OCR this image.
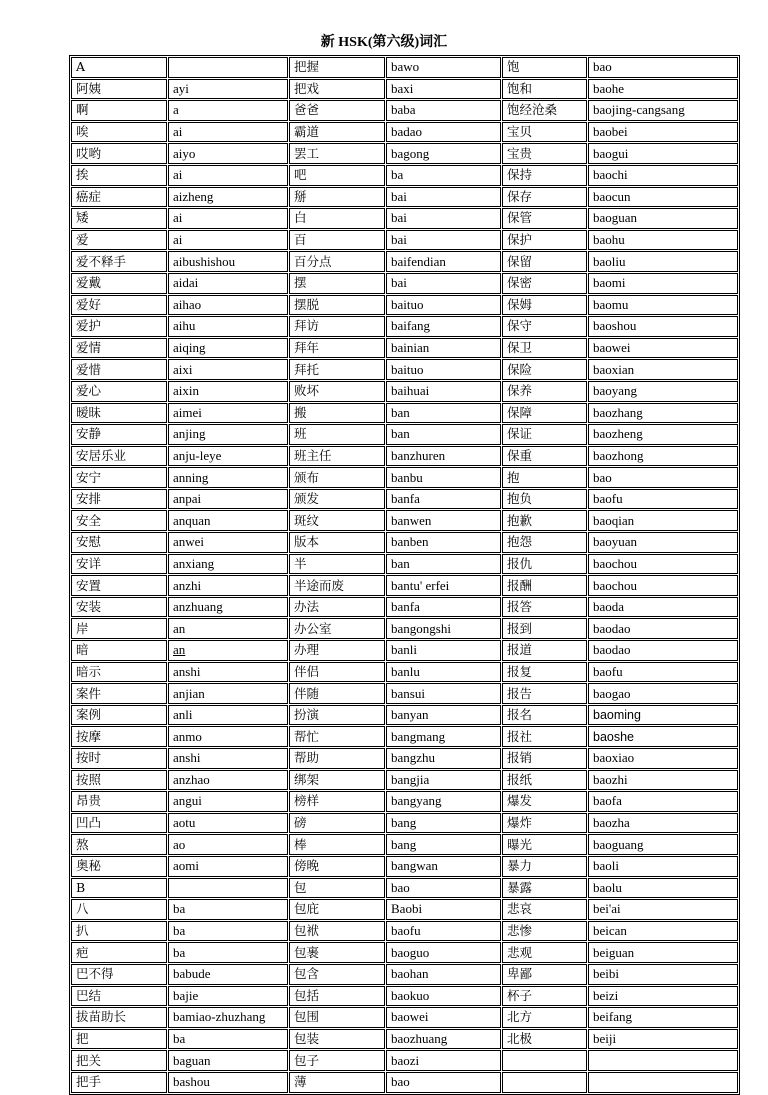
新 HSK(第六级)词汇
A		把握	bawo	饱	bao
阿姨	ayi	把戏	baxi	饱和	baohe
啊	a	爸爸	baba	饱经沧桑	baojing-cangsang
唉	ai	霸道	badao	宝贝	baobei
哎哟	aiyo	罢工	bagong	宝贵	baogui
挨	ai	吧	ba	保持	baochi
癌症	aizheng	掰	bai	保存	baocun
矮	ai	白	bai	保管	baoguan
爱	ai	百	bai	保护	baohu
爱不释手	aibushishou	百分点	baifendian	保留	baoliu
爱戴	aidai	摆	bai	保密	baomi
爱好	aihao	摆脱	baituo	保姆	baomu
爱护	aihu	拜访	baifang	保守	baoshou
爱情	aiqing	拜年	bainian	保卫	baowei
爱惜	aixi	拜托	baituo	保险	baoxian
爱心	aixin	败坏	baihuai	保养	baoyang
暧昧	aimei	搬	ban	保障	baozhang
安静	anjing	班	ban	保证	baozheng
安居乐业	anju-leye	班主任	banzhuren	保重	baozhong
安宁	anning	颁布	banbu	抱	bao
安排	anpai	颁发	banfa	抱负	baofu
安全	anquan	斑纹	banwen	抱歉	baoqian
安慰	anwei	版本	banben	抱怨	baoyuan
安详	anxiang	半	ban	报仇	baochou
安置	anzhi	半途而废	bantu' erfei	报酬	baochou
安装	anzhuang	办法	banfa	报答	baoda
岸	an	办公室	bangongshi	报到	baodao
暗	an	办理	banli	报道	baodao
暗示	anshi	伴侣	banlu	报复	baofu
案件	anjian	伴随	bansui	报告	baogao
案例	anli	扮演	banyan	报名	baoming
按摩	anmo	帮忙	bangmang	报社	baoshe
按时	anshi	帮助	bangzhu	报销	baoxiao
按照	anzhao	绑架	bangjia	报纸	baozhi
昂贵	angui	榜样	bangyang	爆发	baofa
凹凸	aotu	磅	bang	爆炸	baozha
熬	ao	棒	bang	曝光	baoguang
奥秘	aomi	傍晚	bangwan	暴力	baoli
B		包	bao	暴露	baolu
八	ba	包庇	Baobi	悲哀	bei'ai
扒	ba	包袱	baofu	悲惨	beican
疤	ba	包裹	baoguo	悲观	beiguan
巴不得	babude	包含	baohan	卑鄙	beibi
巴结	bajie	包括	baokuo	杯子	beizi
拔苗助长	bamiao-zhuzhang	包围	baowei	北方	beifang
把	ba	包装	baozhuang	北极	beiji
把关	baguan	包子	baozi		
把手	bashou	薄	bao		
